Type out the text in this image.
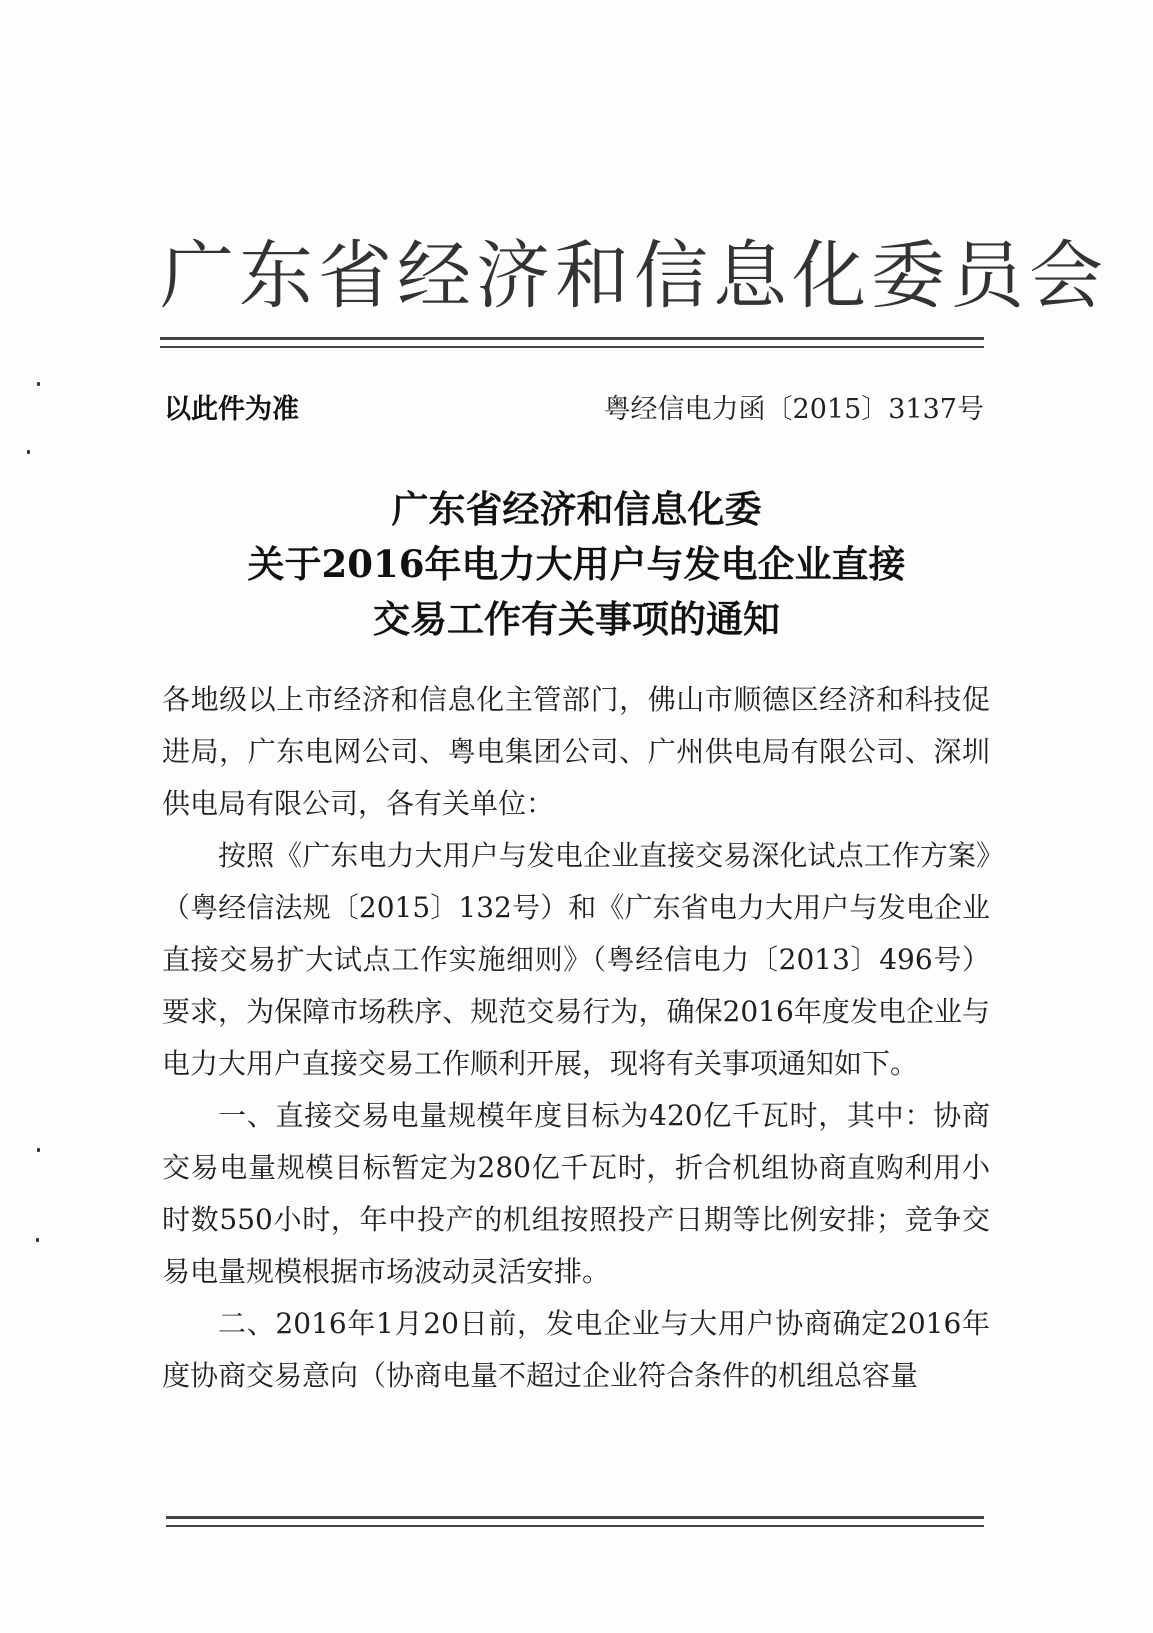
广东省经济和信息化委员会
以此件为准	粤经信电力函〔2015〕3137号
广东省经济和信息化委
关于2016年电力大用户与发电企业直接
交易工作有关事项的通知

各地级以上市经济和信息化主管部门，佛山市顺德区经济和科技促进局，广东电网公司、粤电集团公司、广州供电局有限公司、深圳供电局有限公司，各有关单位：

按照《广东电力大用户与发电企业直接交易深化试点工作方案》（粤经信法规〔2015〕132号）和《广东省电力大用户与发电企业直接交易扩大试点工作实施细则》（粤经信电力〔2013〕496号）要求，为保障市场秩序、规范交易行为，确保2016年度发电企业与电力大用户直接交易工作顺利开展，现将有关事项通知如下。

一、直接交易电量规模年度目标为420亿千瓦时，其中：协商交易电量规模目标暂定为280亿千瓦时，折合机组协商直购利用小时数550小时，年中投产的机组按照投产日期等比例安排；竞争交易电量规模根据市场波动灵活安排。

二、2016年1月20日前，发电企业与大用户协商确定2016年度协商交易意向（协商电量不超过企业符合条件的机组总容量
